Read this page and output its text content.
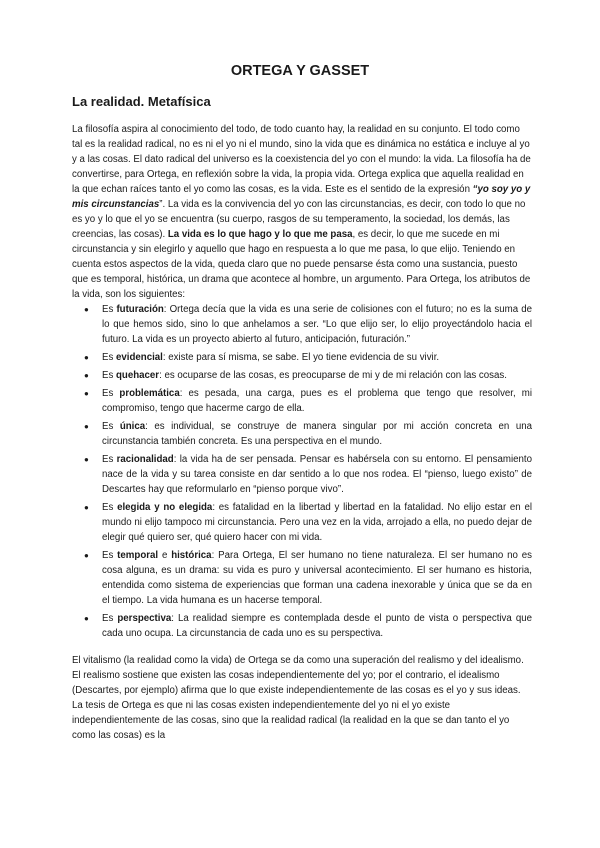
ORTEGA Y GASSET
La realidad. Metafísica

La filosofía aspira al conocimiento del todo, de todo cuanto hay, la realidad en su conjunto. El todo como tal es la realidad radical, no es ni el yo ni el mundo, sino la vida que es dinámica no estática e incluye al yo y a las cosas. El dato radical del universo es la coexistencia del yo con el mundo: la vida. La filosofía ha de convertirse, para Ortega, en reflexión sobre la vida, la propia vida. Ortega explica que aquella realidad en la que echan raíces tanto el yo como las cosas, es la vida. Este es el sentido de la expresión “yo soy yo y mis circunstancias”. La vida es la convivencia del yo con las circunstancias, es decir, con todo lo que no es yo y lo que el yo se encuentra (su cuerpo, rasgos de su temperamento, la sociedad, los demás, las creencias, las cosas). La vida es lo que hago y lo que me pasa, es decir, lo que me sucede en mi circunstancia y sin elegirlo y aquello que hago en respuesta a lo que me pasa, lo que elijo. Teniendo en cuenta estos aspectos de la vida, queda claro que no puede pensarse ésta como una sustancia, puesto que es temporal, histórica, un drama que acontece al hombre, un argumento. Para Ortega, los atributos de la vida, son los siguientes:

● Es futuración: Ortega decía que la vida es una serie de colisiones con el futuro; no es la suma de lo que hemos sido, sino lo que anhelamos a ser. “Lo que elijo ser, lo elijo proyectándolo hacia el futuro. La vida es un proyecto abierto al futuro, anticipación, futuración.”
● Es evidencial: existe para sí misma, se sabe. El yo tiene evidencia de su vivir.
● Es quehacer: es ocuparse de las cosas, es preocuparse de mi y de mi relación con las cosas.
● Es problemática: es pesada, una carga, pues es el problema que tengo que resolver, mi compromiso, tengo que hacerme cargo de ella.
● Es única: es individual, se construye de manera singular por mi acción concreta en una circunstancia también concreta. Es una perspectiva en el mundo.
● Es racionalidad: la vida ha de ser pensada. Pensar es habérsela con su entorno. El pensamiento nace de la vida y su tarea consiste en dar sentido a lo que nos rodea. El “pienso, luego existo” de Descartes hay que reformularlo en “pienso porque vivo”.
● Es elegida y no elegida: es fatalidad en la libertad y libertad en la fatalidad. No elijo estar en el mundo ni elijo tampoco mi circunstancia. Pero una vez en la vida, arrojado a ella, no puedo dejar de elegir qué quiero ser, qué quiero hacer con mi vida.
● Es temporal e histórica: Para Ortega, El ser humano no tiene naturaleza. El ser humano no es cosa alguna, es un drama: su vida es puro y universal acontecimiento. El ser humano es historia, entendida como sistema de experiencias que forman una cadena inexorable y única que se da en el tiempo. La vida humana es un hacerse temporal.
● Es perspectiva: La realidad siempre es contemplada desde el punto de vista o perspectiva que cada uno ocupa. La circunstancia de cada uno es su perspectiva.

El vitalismo (la realidad como la vida) de Ortega se da como una superación del realismo y del idealismo. El realismo sostiene que existen las cosas independientemente del yo; por el contrario, el idealismo (Descartes, por ejemplo) afirma que lo que existe independientemente de las cosas es el yo y sus ideas. La tesis de Ortega es que ni las cosas existen independientemente del yo ni el yo existe independientemente de las cosas, sino que la realidad radical (la realidad en la que se dan tanto el yo como las cosas) es la
